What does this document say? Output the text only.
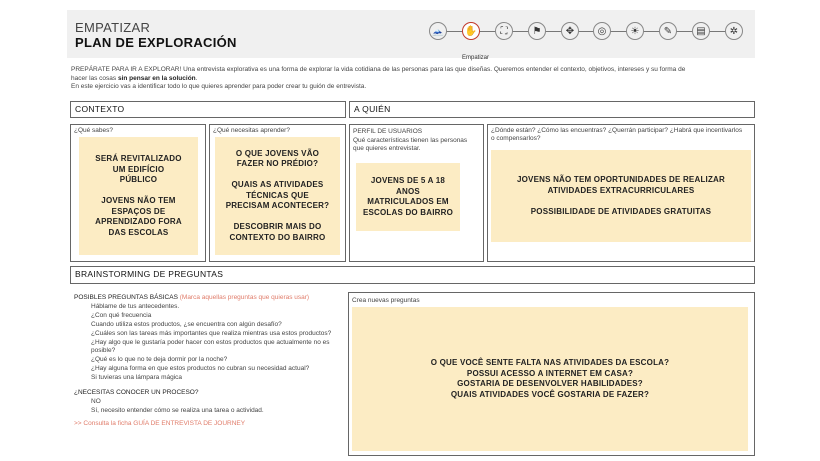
EMPATIZAR
PLAN DE EXPLORACIÓN
🗻 ✋	⛶	⚑	✥	◎	☀	✎	▤	✲
Empatizar
PREPÁRATE PARA IR A EXPLORAR! Una entrevista explorativa es una forma de explorar la vida cotidiana de las personas para las que diseñas. Queremos entender el contexto, objetivos, intereses y su forma de
hacer las cosas sin pensar en la solución.
En este ejercicio vas a identificar todo lo que quieres aprender para poder crear tu guión de entrevista.
CONTEXTO
¿Qué sabes?
SERÁ REVITALIZADO
UM EDIFÍCIO
PÚBLICO

JOVENS NÃO TEM
ESPAÇOS DE
APRENDIZADO FORA
DAS ESCOLAS
¿Qué necesitas aprender?
O QUE JOVENS VÃO
FAZER NO PRÉDIO?

QUAIS AS ATIVIDADES
TÉCNICAS QUE
PRECISAM ACONTECER?

DESCOBRIR MAIS DO
CONTEXTO DO BAIRRO
A QUIÉN
PERFIL DE USUARIOS
Qué características tienen las personas que quieres entrevistar.
JOVENS DE 5 A 18
ANOS
MATRICULADOS EM
ESCOLAS DO BAIRRO
¿Dónde están? ¿Cómo las encuentras? ¿Querrán participar? ¿Habrá que incentivarlos o compensarlos?
JOVENS NÃO TEM OPORTUNIDADES DE REALIZAR
ATIVIDADES EXTRACURRICULARES

POSSIBILIDADE DE ATIVIDADES GRATUITAS
BRAINSTORMING DE PREGUNTAS
POSIBLES PREGUNTAS BÁSICAS (Marca aquellas preguntas que quieras usar)
Háblame de tus antecedentes.
¿Con qué frecuencia
Cuando utiliza estos productos, ¿se encuentra con algún desafío?
¿Cuáles son las tareas más importantes que realiza mientras usa estos productos?
¿Hay algo que le gustaría poder hacer con estos productos que actualmente no es posible?
¿Qué es lo que no te deja dormir por la noche?
¿Hay alguna forma en que estos productos no cubran su necesidad actual?
Si tuvieras una lámpara mágica
¿NECESITAS CONOCER UN PROCESO?
NO
Sí, necesito entender cómo se realiza una tarea o actividad.
>> Consulta la ficha GUÍA DE ENTREVISTA DE JOURNEY
Crea nuevas preguntas
O QUE VOCÊ SENTE FALTA NAS ATIVIDADES DA ESCOLA?
POSSUI ACESSO A INTERNET EM CASA?
GOSTARIA DE DESENVOLVER HABILIDADES?
QUAIS ATIVIDADES VOCÊ GOSTARIA DE FAZER?
